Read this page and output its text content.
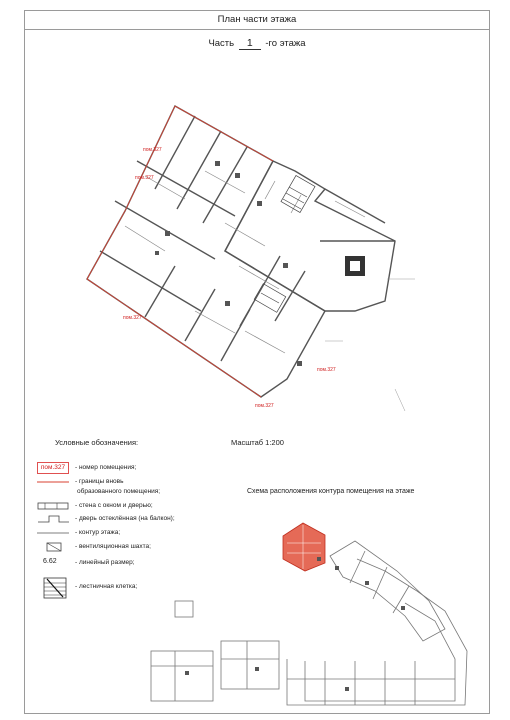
План части этажа
Часть 1 -го этажа
пом.327
пом.327
пом.327
пом.327
пом.327
Условные обозначения:	Масштаб 1:200
пом.327	- номер помещения;
- границы вновь
образованного помещения;
- стена с окном и дверью;
- дверь остеклённая (на балкон);
- контур этажа;
- вентиляционная шахта;
6.62	- линейный размер;
- лестничная клетка;
Схема расположения контура помещения на этаже
